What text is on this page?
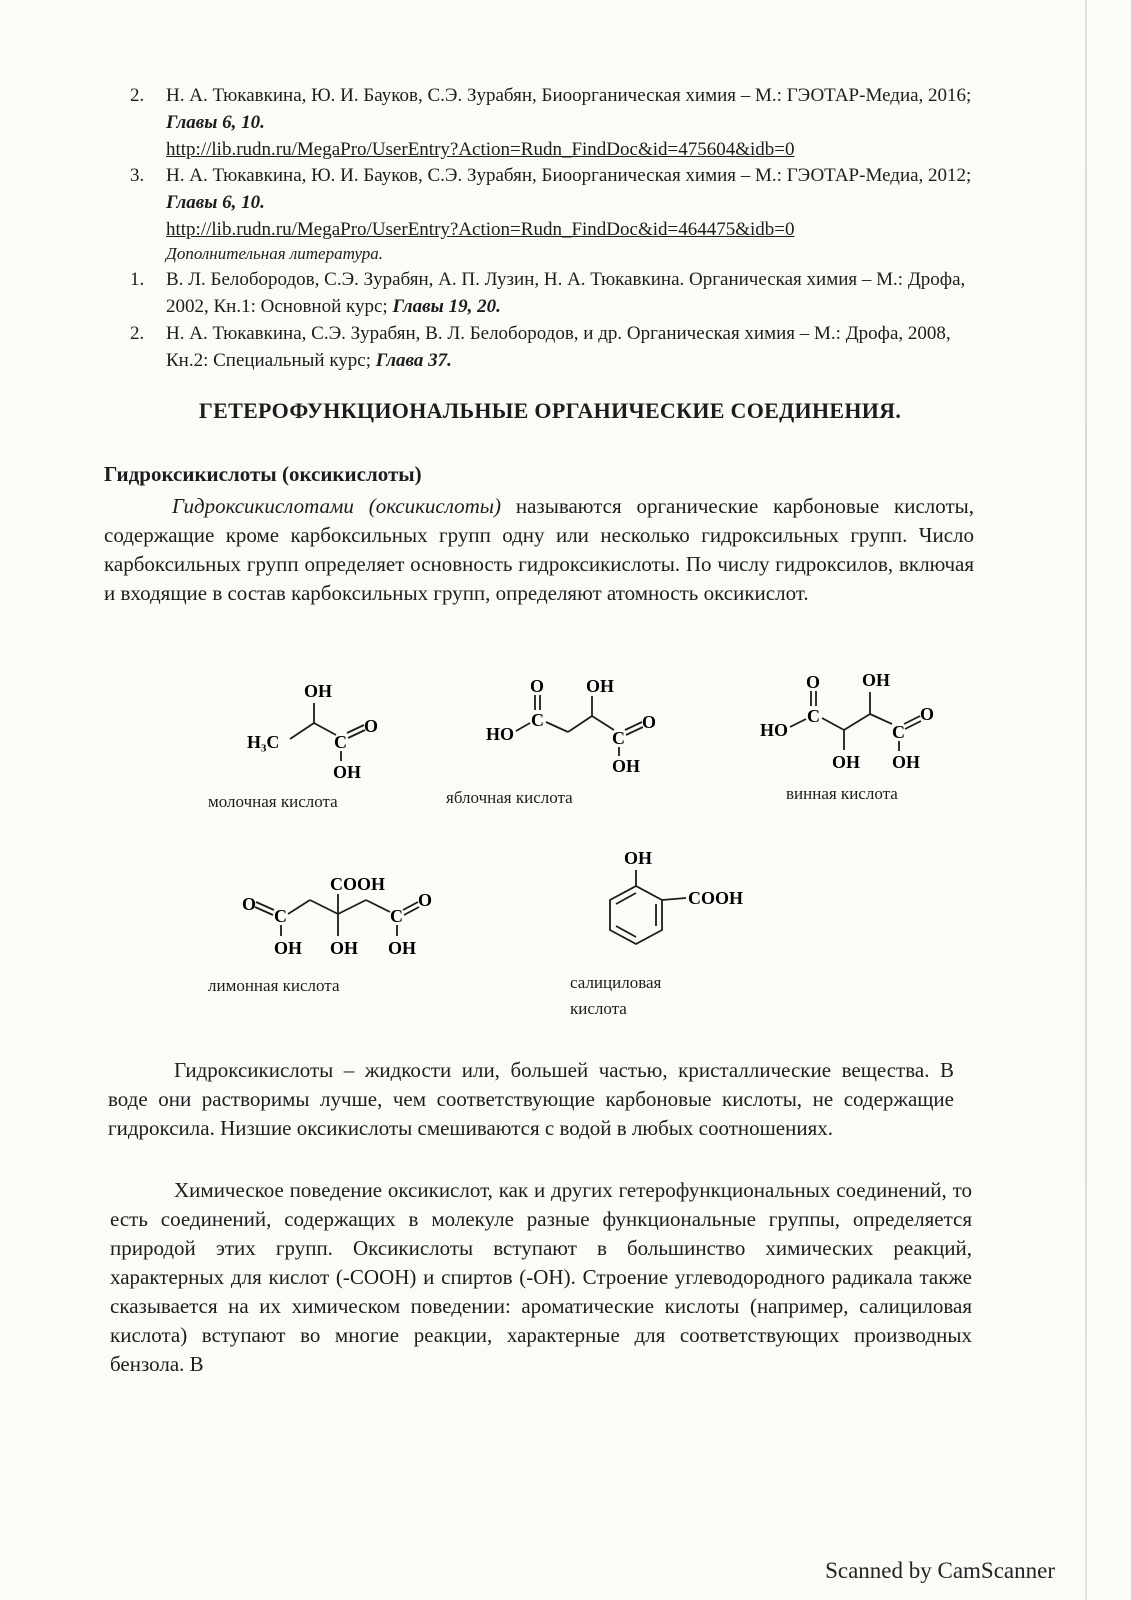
2.	Н. А. Тюкавкина, Ю. И. Бауков, С.Э. Зурабян, Биоорганическая химия – М.: ГЭОТАР-Медиа, 2016; Главы 6, 10.
http://lib.rudn.ru/MegaPro/UserEntry?Action=Rudn_FindDoc&id=475604&idb=0
3.	Н. А. Тюкавкина, Ю. И. Бауков, С.Э. Зурабян, Биоорганическая химия – М.: ГЭОТАР-Медиа, 2012; Главы 6, 10.
http://lib.rudn.ru/MegaPro/UserEntry?Action=Rudn_FindDoc&id=464475&idb=0
Дополнительная литература.
1.	В. Л. Белобородов, С.Э. Зурабян, А. П. Лузин, Н. А. Тюкавкина. Органическая химия – М.: Дрофа, 2002, Кн.1: Основной курс; Главы 19, 20.
2.	Н. А. Тюкавкина, С.Э. Зурабян, В. Л. Белобородов, и др. Органическая химия – М.: Дрофа, 2008, Кн.2: Специальный курс; Глава 37.
ГЕТЕРОФУНКЦИОНАЛЬНЫЕ ОРГАНИЧЕСКИЕ СОЕДИНЕНИЯ.
Гидроксикислоты (оксикислоты)
Гидроксикислотами (оксикислоты) называются органические карбоновые кислоты, содержащие кроме карбоксильных групп одну или несколько гидроксильных групп. Число карбоксильных групп определяет основность гидроксикислоты. По числу гидроксилов, включая и входящие в состав карбоксильных групп, определяют атомность оксикислот.
OH
H₃C	C
O
OH
молочная кислота
O OH
C
HO	C
O
OH
яблочная кислота
O OH
C
HO	C
O
OH OH
винная кислота
COOH
O
C	C
O
OH OH OH
лимонная кислота
OH
COOH
салициловая
кислота
Гидроксикислоты – жидкости или, большей частью, кристаллические вещества. В воде они растворимы лучше, чем соответствующие карбоновые кислоты, не содержащие гидроксила. Низшие оксикислоты смешиваются с водой в любых соотношениях.
Химическое поведение оксикислот, как и других гетерофункциональных соединений, то есть соединений, содержащих в молекуле разные функциональные группы, определяется природой этих групп. Оксикислоты вступают в большинство химических реакций, характерных для кислот (-COOH) и спиртов (-OH). Строение углеводородного радикала также сказывается на их химическом поведении: ароматические кислоты (например, салициловая кислота) вступают во многие реакции, характерные для соответствующих производных бензола. В
Scanned by CamScanner
